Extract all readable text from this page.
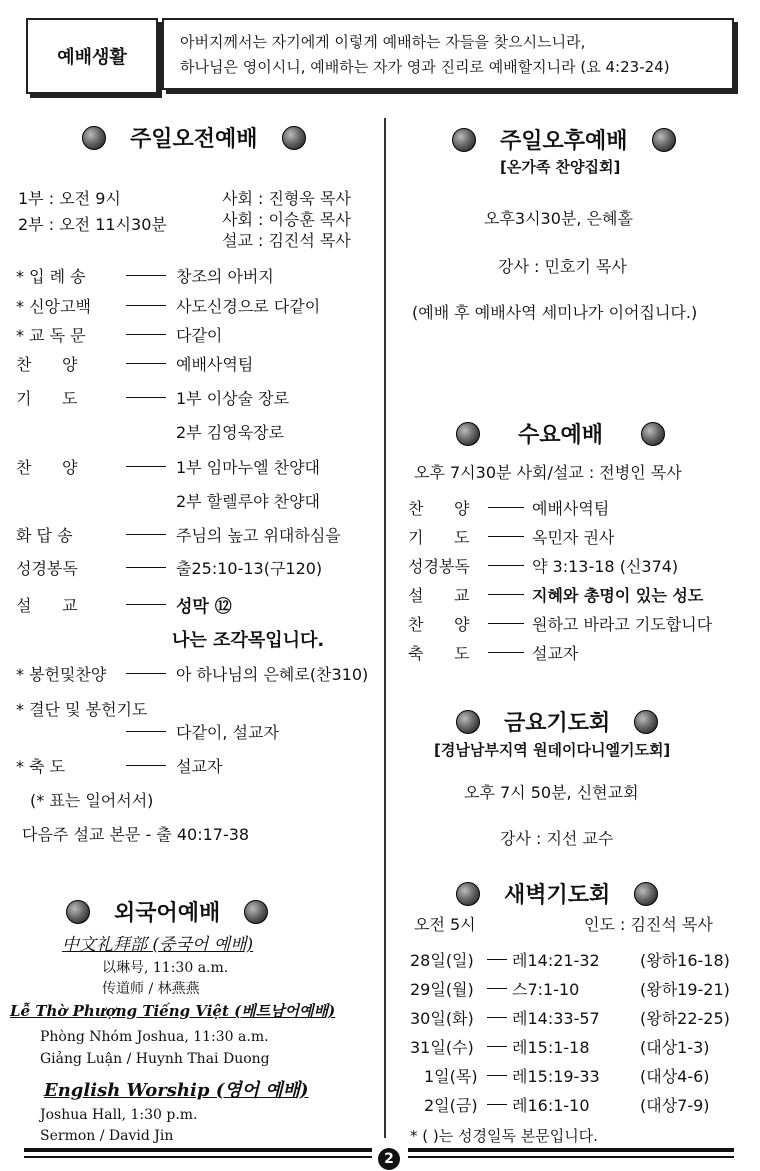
예배생활
아버지께서는 자기에게 이렇게 예배하는 자들을 찾으시느니라,
하나님은 영이시니, 예배하는 자가 영과 진리로 예배할지니라 (요 4:23-24)
주일오전예배
1부 : 오전 9시
2부 : 오전 11시30분
사회 : 진형욱 목사
사회 : 이승훈 목사
설교 : 김진석 목사
* 입 례 송	창조의 아버지
* 신앙고백	사도신경으로 다같이
* 교 독 문	다같이
찬      양	예배사역팀
기      도	1부 이상술 장로
2부 김영욱장로
찬      양	1부 임마누엘 찬양대
2부 할렐루야 찬양대
화 답 송	주님의 높고 위대하심을
성경봉독	출25:10-13(구120)
설      교	성막 ⑫
나는 조각목입니다.
* 봉헌및찬양	아 하나님의 은혜로(찬310)
* 결단 및 봉헌기도
다같이, 설교자
* 축 도	설교자
(* 표는 일어서서)
다음주 설교 본문 - 출 40:17-38
외국어예배
中文礼拜部 (중국어 예배)
以琳号, 11:30 a.m.
传道师 / 林燕燕
Lễ Thờ Phượng Tiếng Việt (베트남어예배)
Phòng Nhóm Joshua, 11:30 a.m.
Giảng Luận / Huynh Thai Duong
English Worship (영어 예배)
Joshua Hall, 1:30 p.m.
Sermon / David Jin
주일오후예배
[온가족 찬양집회]
오후3시30분, 은혜홀
강사 : 민호기 목사
(예배 후 예배사역 세미나가 이어집니다.)
수요예배
오후 7시30분 사회/설교 : 전병인 목사
찬      양	예배사역팀
기      도	옥민자 권사
성경봉독	약 3:13-18 (신374)
설      교	지혜와 총명이 있는 성도
찬      양	원하고 바라고 기도합니다
축      도	설교자
금요기도회
[경남남부지역 원데이다니엘기도회]
오후 7시 50분, 신현교회
강사 : 지선 교수
새벽기도회
오전 5시	인도 : 김진석 목사
28일(일) 레14:21-32	(왕하16-18)
29일(월) 스7:1-10	(왕하19-21)
30일(화) 레14:33-57	(왕하22-25)
31일(수) 레15:1-18	(대상1-3)
1일(목) 레15:19-33	(대상4-6)
2일(금) 레16:1-10	(대상7-9)
* ( )는 성경일독 본문입니다.
2
